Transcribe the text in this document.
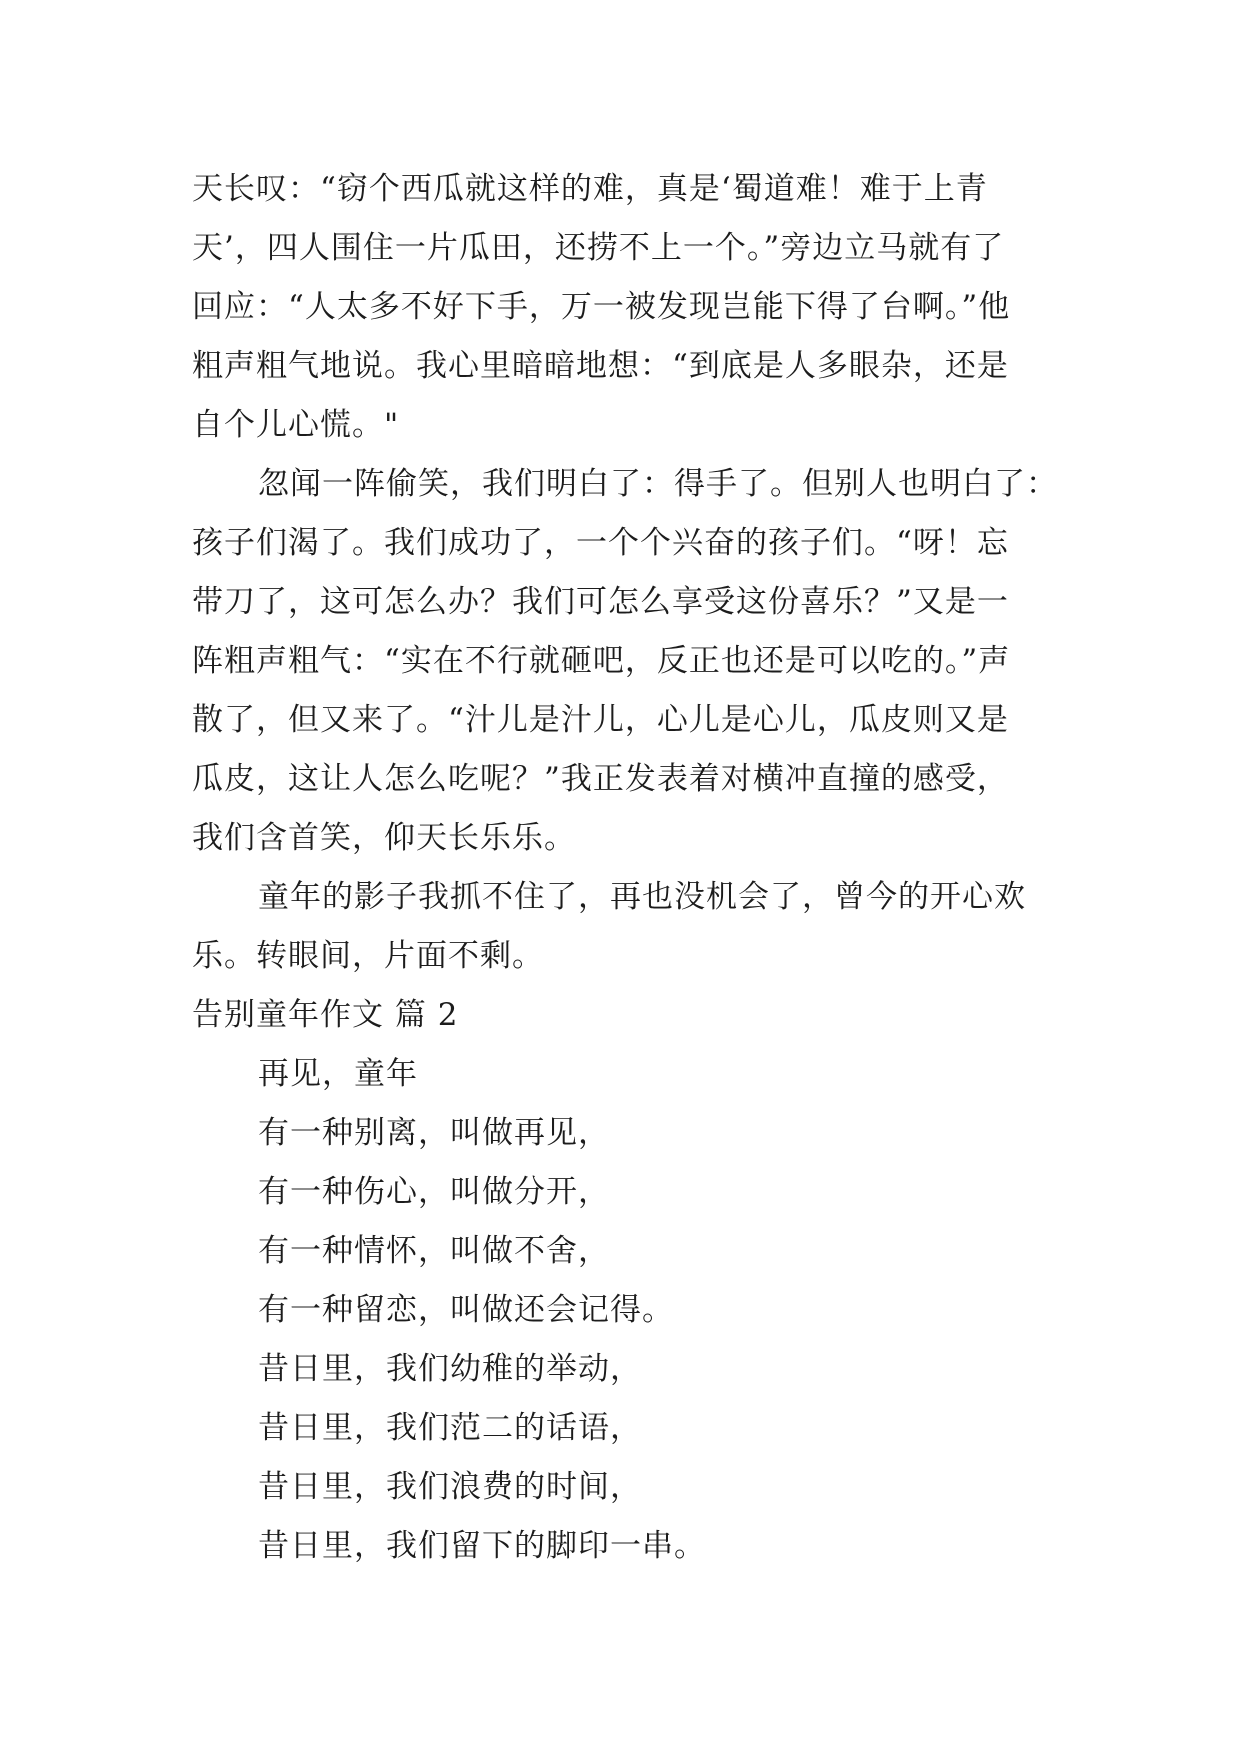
天长叹：“窃个西瓜就这样的难，真是‘蜀道难！难于上青
天’，四人围住一片瓜田，还捞不上一个。”旁边立马就有了
回应：“人太多不好下手，万一被发现岂能下得了台啊。”他
粗声粗气地说。我心里暗暗地想：“到底是人多眼杂，还是
自个儿心慌。"
忽闻一阵偷笑，我们明白了：得手了。但别人也明白了：
孩子们渴了。我们成功了，一个个兴奋的孩子们。“呀！忘
带刀了，这可怎么办？我们可怎么享受这份喜乐？”又是一
阵粗声粗气：“实在不行就砸吧，反正也还是可以吃的。”声
散了，但又来了。“汁儿是汁儿，心儿是心儿，瓜皮则又是
瓜皮，这让人怎么吃呢？”我正发表着对横冲直撞的感受，
我们含首笑，仰天长乐乐。
童年的影子我抓不住了，再也没机会了，曾今的开心欢
乐。转眼间，片面不剩。
告别童年作文 篇 2
再见，童年
有一种别离，叫做再见，
有一种伤心，叫做分开，
有一种情怀，叫做不舍，
有一种留恋，叫做还会记得。
昔日里，我们幼稚的举动，
昔日里，我们范二的话语，
昔日里，我们浪费的时间，
昔日里，我们留下的脚印一串。
